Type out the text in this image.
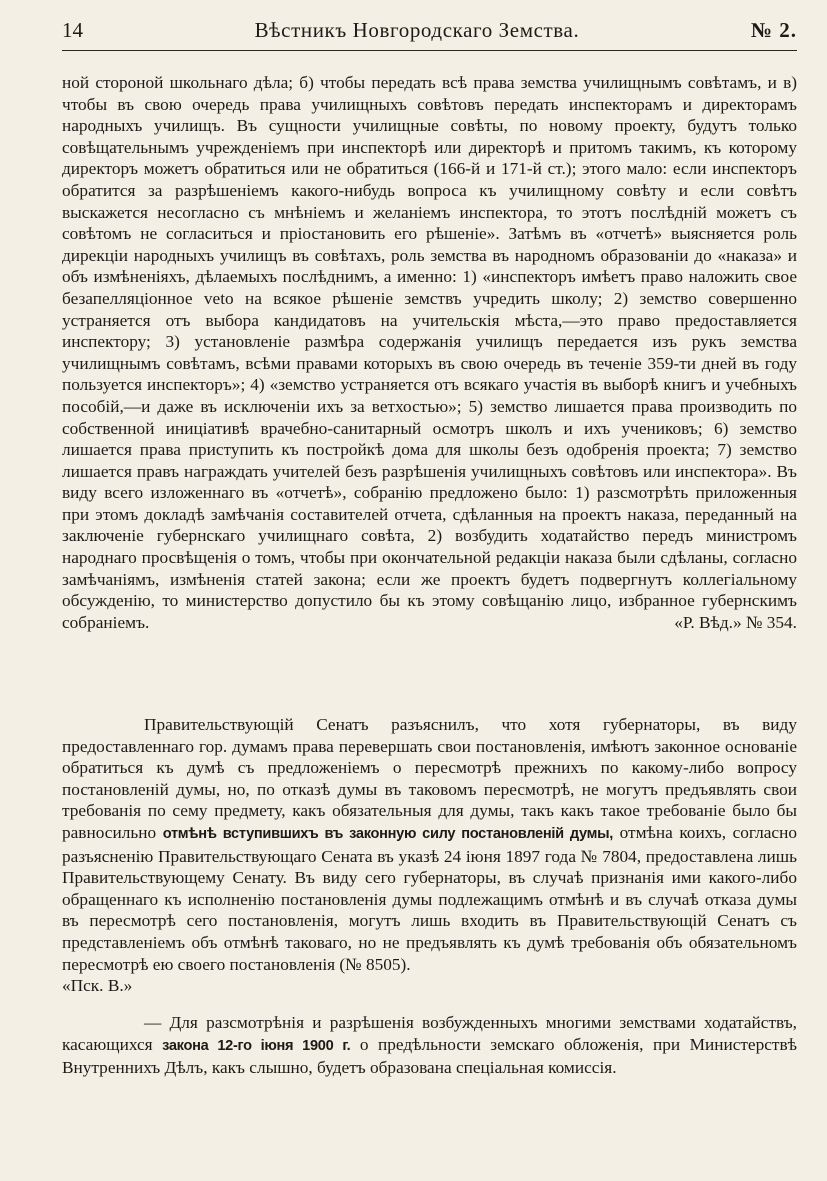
14	Вѣстникъ Новгородскаго Земства.	№ 2.

ной стороной школьнаго дѣла; б) чтобы передать всѣ права земства училищнымъ совѣтамъ, и в) чтобы въ свою очередь права училищныхъ совѣтовъ передать инспекторамъ и директорамъ народныхъ училищъ. Въ сущности училищные совѣты, по новому проекту, будутъ только совѣщательнымъ учрежденіемъ при инспекторѣ или директорѣ и притомъ такимъ, къ которому директоръ можетъ обратиться или не обратиться (166-й и 171-й ст.); этого мало: если инспекторъ обратится за разрѣшеніемъ какого-нибудь вопроса къ училищному совѣту и если совѣтъ выскажется несогласно съ мнѣніемъ и желаніемъ инспектора, то этотъ послѣдній можетъ съ совѣтомъ не согласиться и пріостановить его рѣшеніе». Затѣмъ въ «отчетѣ» выясняется роль дирекціи народныхъ училищъ въ совѣтахъ, роль земства въ народномъ образованіи до «наказа» и объ измѣненіяхъ, дѣлаемыхъ послѣднимъ, а именно: 1) «инспекторъ имѣетъ право наложить свое безапелляціонное veto на всякое рѣшеніе земствъ учредить школу; 2) земство совершенно устраняется отъ выбора кандидатовъ на учительскія мѣста,—это право предоставляется инспектору; 3) установленіе размѣра содержанія училищъ передается изъ рукъ земства училищнымъ совѣтамъ, всѣми правами которыхъ въ свою очередь въ теченіе 359-ти дней въ году пользуется инспекторъ»; 4) «земство устраняется отъ всякаго участія въ выборѣ книгъ и учебныхъ пособій,—и даже въ исключеніи ихъ за ветхостью»; 5) земство лишается права производить по собственной иниціативѣ врачебно-санитарный осмотръ школъ и ихъ учениковъ; 6) земство лишается права приступить къ постройкѣ дома для школы безъ одобренія проекта; 7) земство лишается правъ награждать учителей безъ разрѣшенія училищныхъ совѣтовъ или инспектора». Въ виду всего изложеннаго въ «отчетѣ», собранію предложено было: 1) разсмотрѣть приложенныя при этомъ докладѣ замѣчанія составителей отчета, сдѣланныя на проектъ наказа, переданный на заключеніе губернскаго училищнаго совѣта, 2) возбудить ходатайство передъ министромъ народнаго просвѣщенія о томъ, чтобы при окончательной редакціи наказа были сдѣланы, согласно замѣчаніямъ, измѣненія статей закона; если же проектъ будетъ подвергнутъ коллегіальному обсужденію, то министерство допустило бы къ этому совѣщанію лицо, избранное губернскимъ собраніемъ.	«Р. Вѣд.» № 354.

Правительствующій Сенатъ разъяснилъ, что хотя губернаторы, въ виду предоставленнаго гор. думамъ права перевершать свои постановленія, имѣютъ законное основаніе обратиться къ думѣ съ предложеніемъ о пересмотрѣ прежнихъ по какому-либо вопросу постановленій думы, но, по отказѣ думы въ таковомъ пересмотрѣ, не могутъ предъявлять свои требованія по сему предмету, какъ обязательныя для думы, такъ какъ такое требованіе было бы равносильно отмѣнѣ вступившихъ въ законную силу постановленій думы, отмѣна коихъ, согласно разъясненію Правительствующаго Сената въ указѣ 24 іюня 1897 года № 7804, предоставлена лишь Правительствующему Сенату. Въ виду сего губернаторы, въ случаѣ признанія ими какого-либо обращеннаго къ исполненію постановленія думы подлежащимъ отмѣнѣ и въ случаѣ отказа думы въ пересмотрѣ сего постановленія, могутъ лишь входить въ Правительствующій Сенатъ съ представленіемъ объ отмѣнѣ таковаго, но не предъявлять къ думѣ требованія объ обязательномъ пересмотрѣ ею своего постановленія (№ 8505).

«Пск. В.»

— Для разсмотрѣнія и разрѣшенія возбужденныхъ многими земствами ходатайствъ, касающихся закона 12-го іюня 1900 г. о предѣльности земскаго обложенія, при Министерствѣ Внутреннихъ Дѣлъ, какъ слышно, будетъ образована спеціальная комиссія.
